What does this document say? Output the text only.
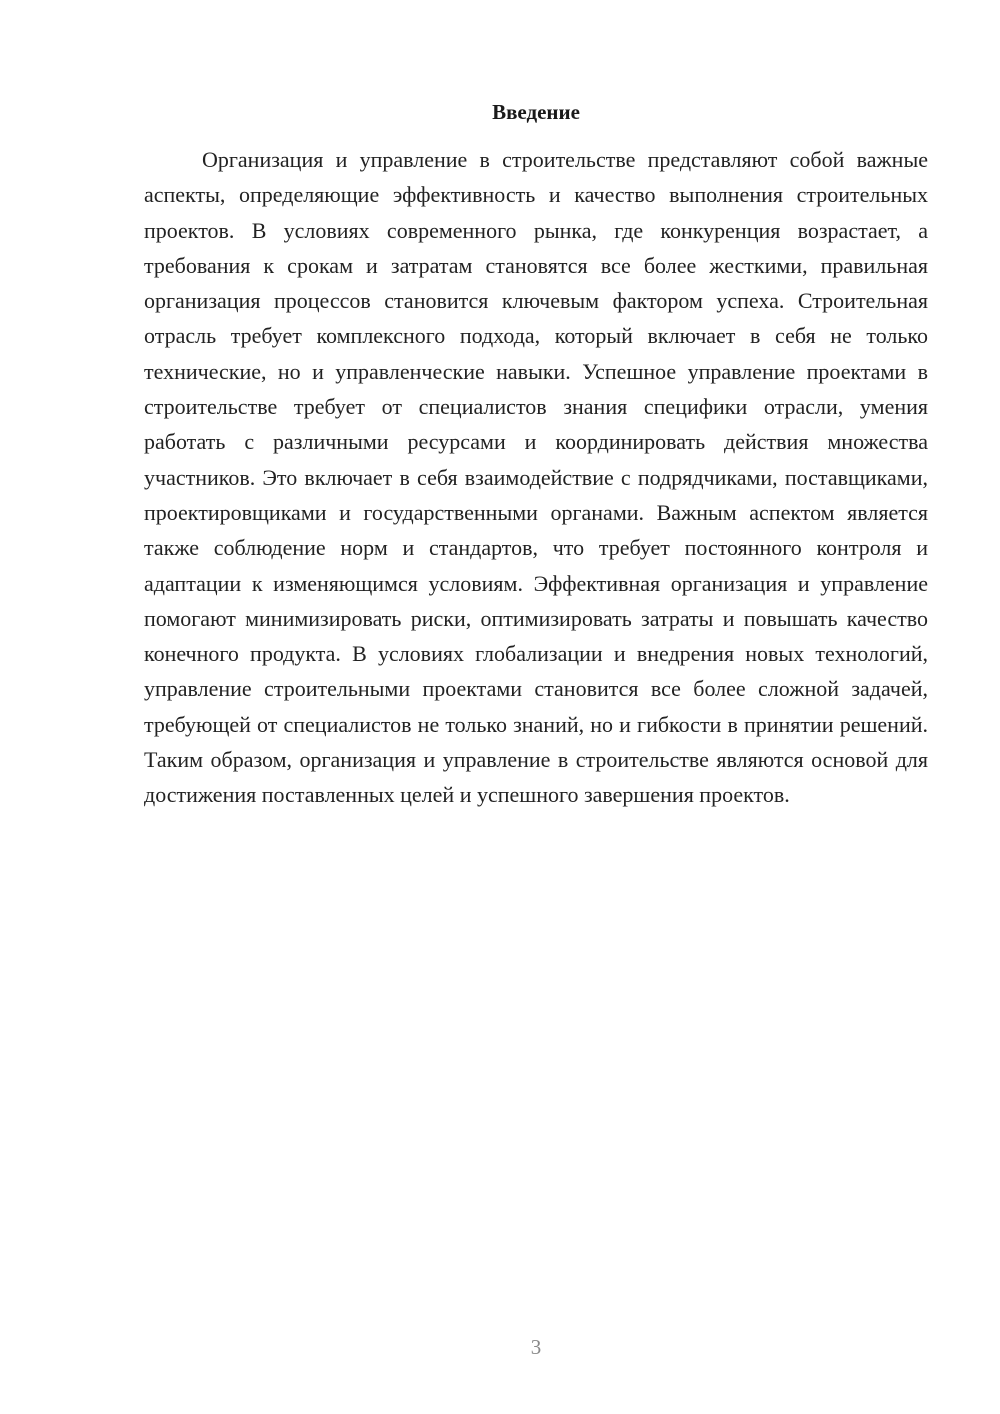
Введение

Организация и управление в строительстве представляют собой важные аспекты, определяющие эффективность и качество выполнения строительных проектов. В условиях современного рынка, где конкуренция возрастает, а требования к срокам и затратам становятся все более жесткими, правильная организация процессов становится ключевым фактором успеха. Строительная отрасль требует комплексного подхода, который включает в себя не только технические, но и управленческие навыки. Успешное управление проектами в строительстве требует от специалистов знания специфики отрасли, умения работать с различными ресурсами и координировать действия множества участников. Это включает в себя взаимодействие с подрядчиками, поставщиками, проектировщиками и государственными органами. Важным аспектом является также соблюдение норм и стандартов, что требует постоянного контроля и адаптации к изменяющимся условиям. Эффективная организация и управление помогают минимизировать риски, оптимизировать затраты и повышать качество конечного продукта. В условиях глобализации и внедрения новых технологий, управление строительными проектами становится все более сложной задачей, требующей от специалистов не только знаний, но и гибкости в принятии решений. Таким образом, организация и управление в строительстве являются основой для достижения поставленных целей и успешного завершения проектов.

3
